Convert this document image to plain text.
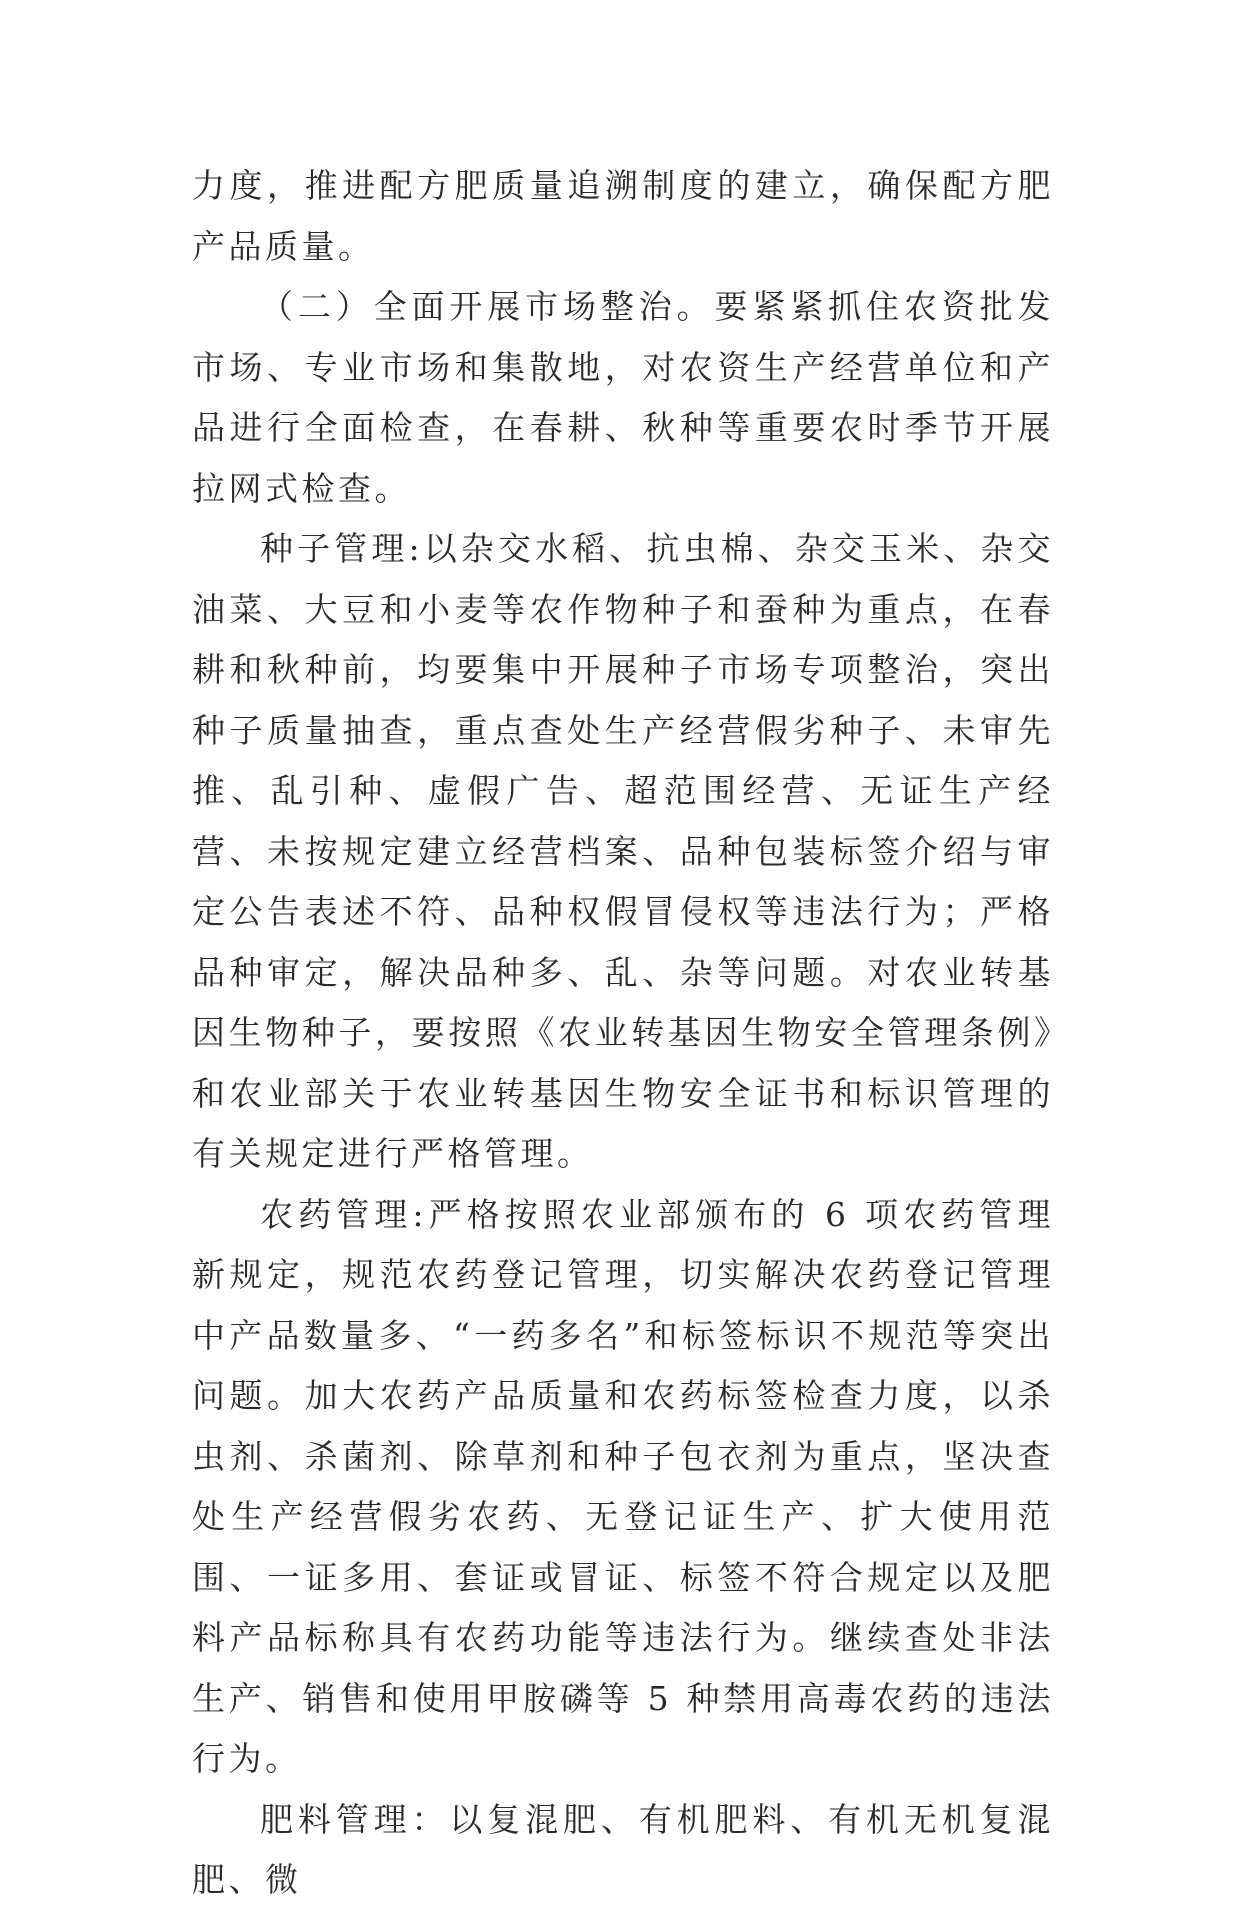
力度，推进配方肥质量追溯制度的建立，确保配方肥产品质量。

（二）全面开展市场整治。要紧紧抓住农资批发市场、专业市场和集散地，对农资生产经营单位和产品进行全面检查，在春耕、秋种等重要农时季节开展拉网式检查。

种子管理:以杂交水稻、抗虫棉、杂交玉米、杂交油菜、大豆和小麦等农作物种子和蚕种为重点，在春耕和秋种前，均要集中开展种子市场专项整治，突出种子质量抽查，重点查处生产经营假劣种子、未审先推、乱引种、虚假广告、超范围经营、无证生产经营、未按规定建立经营档案、品种包装标签介绍与审定公告表述不符、品种权假冒侵权等违法行为；严格品种审定，解决品种多、乱、杂等问题。对农业转基因生物种子，要按照《农业转基因生物安全管理条例》和农业部关于农业转基因生物安全证书和标识管理的有关规定进行严格管理。

农药管理:严格按照农业部颁布的 6 项农药管理新规定，规范农药登记管理，切实解决农药登记管理中产品数量多、“一药多名”和标签标识不规范等突出问题。加大农药产品质量和农药标签检查力度，以杀虫剂、杀菌剂、除草剂和种子包衣剂为重点，坚决查处生产经营假劣农药、无登记证生产、扩大使用范围、一证多用、套证或冒证、标签不符合规定以及肥料产品标称具有农药功能等违法行为。继续查处非法生产、销售和使用甲胺磷等 5 种禁用高毒农药的违法行为。

肥料管理：以复混肥、有机肥料、有机无机复混肥、微
